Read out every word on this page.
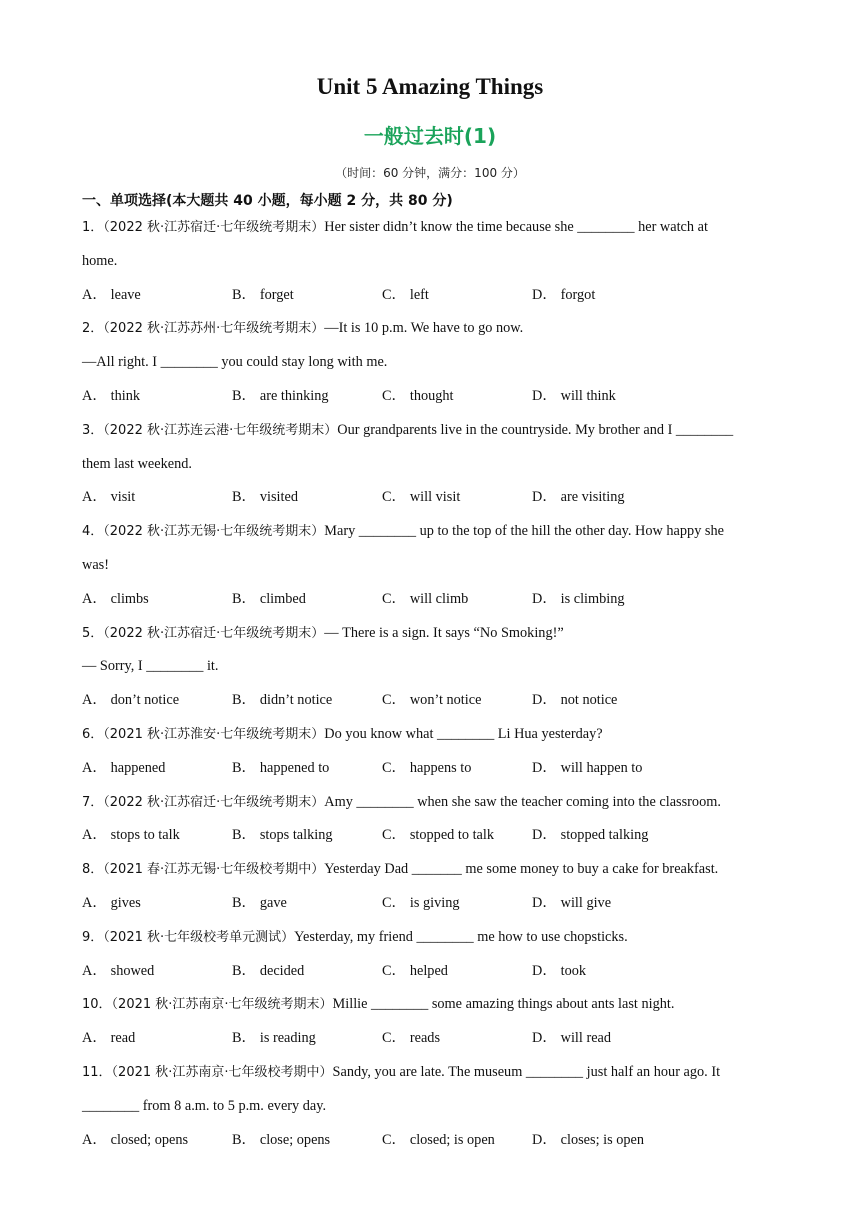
Unit 5 Amazing Things
一般过去时(1)
（时间：60 分钟，满分：100 分）
一、单项选择(本大题共 40 小题，每小题 2 分，共 80 分)
1．（2022 秋·江苏宿迁·七年级统考期末）Her sister didn’t know the time because she ________ her watch at
home.
A． leave	B． forget	C． left	D． forgot
2．（2022 秋·江苏苏州·七年级统考期末）—It is 10 p.m. We have to go now.
—All right. I ________ you could stay long with me.
A． think	B． are thinking	C． thought	D． will think
3．（2022 秋·江苏连云港·七年级统考期末）Our grandparents live in the countryside. My brother and I ________
them last weekend.
A． visit	B． visited	C． will visit	D． are visiting
4．（2022 秋·江苏无锡·七年级统考期末）Mary ________ up to the top of the hill the other day. How happy she
was!
A． climbs	B． climbed	C． will climb	D． is climbing
5．（2022 秋·江苏宿迁·七年级统考期末）— There is a sign. It says “No Smoking!”
— Sorry, I ________ it.
A． don’t notice	B． didn’t notice	C． won’t notice	D． not notice
6．（2021 秋·江苏淮安·七年级统考期末）Do you know what ________ Li Hua yesterday?
A． happened	B． happened to	C． happens to	D． will happen to
7．（2022 秋·江苏宿迁·七年级统考期末）Amy ________ when she saw the teacher coming into the classroom.
A． stops to talk	B． stops talking	C． stopped to talk	D． stopped talking
8．（2021 春·江苏无锡·七年级校考期中）Yesterday Dad _______ me some money to buy a cake for breakfast.
A． gives	B． gave	C． is giving	D． will give
9．（2021 秋·七年级校考单元测试）Yesterday, my friend ________ me how to use chopsticks.
A． showed	B． decided	C． helped	D． took
10．（2021 秋·江苏南京·七年级统考期末）Millie ________ some amazing things about ants last night.
A． read	B． is reading	C． reads	D． will read
11．（2021 秋·江苏南京·七年级校考期中）Sandy, you are late. The museum ________ just half an hour ago. It
________ from 8 a.m. to 5 p.m. every day.
A． closed; opens	B． close; opens	C． closed; is open	D． closes; is open
